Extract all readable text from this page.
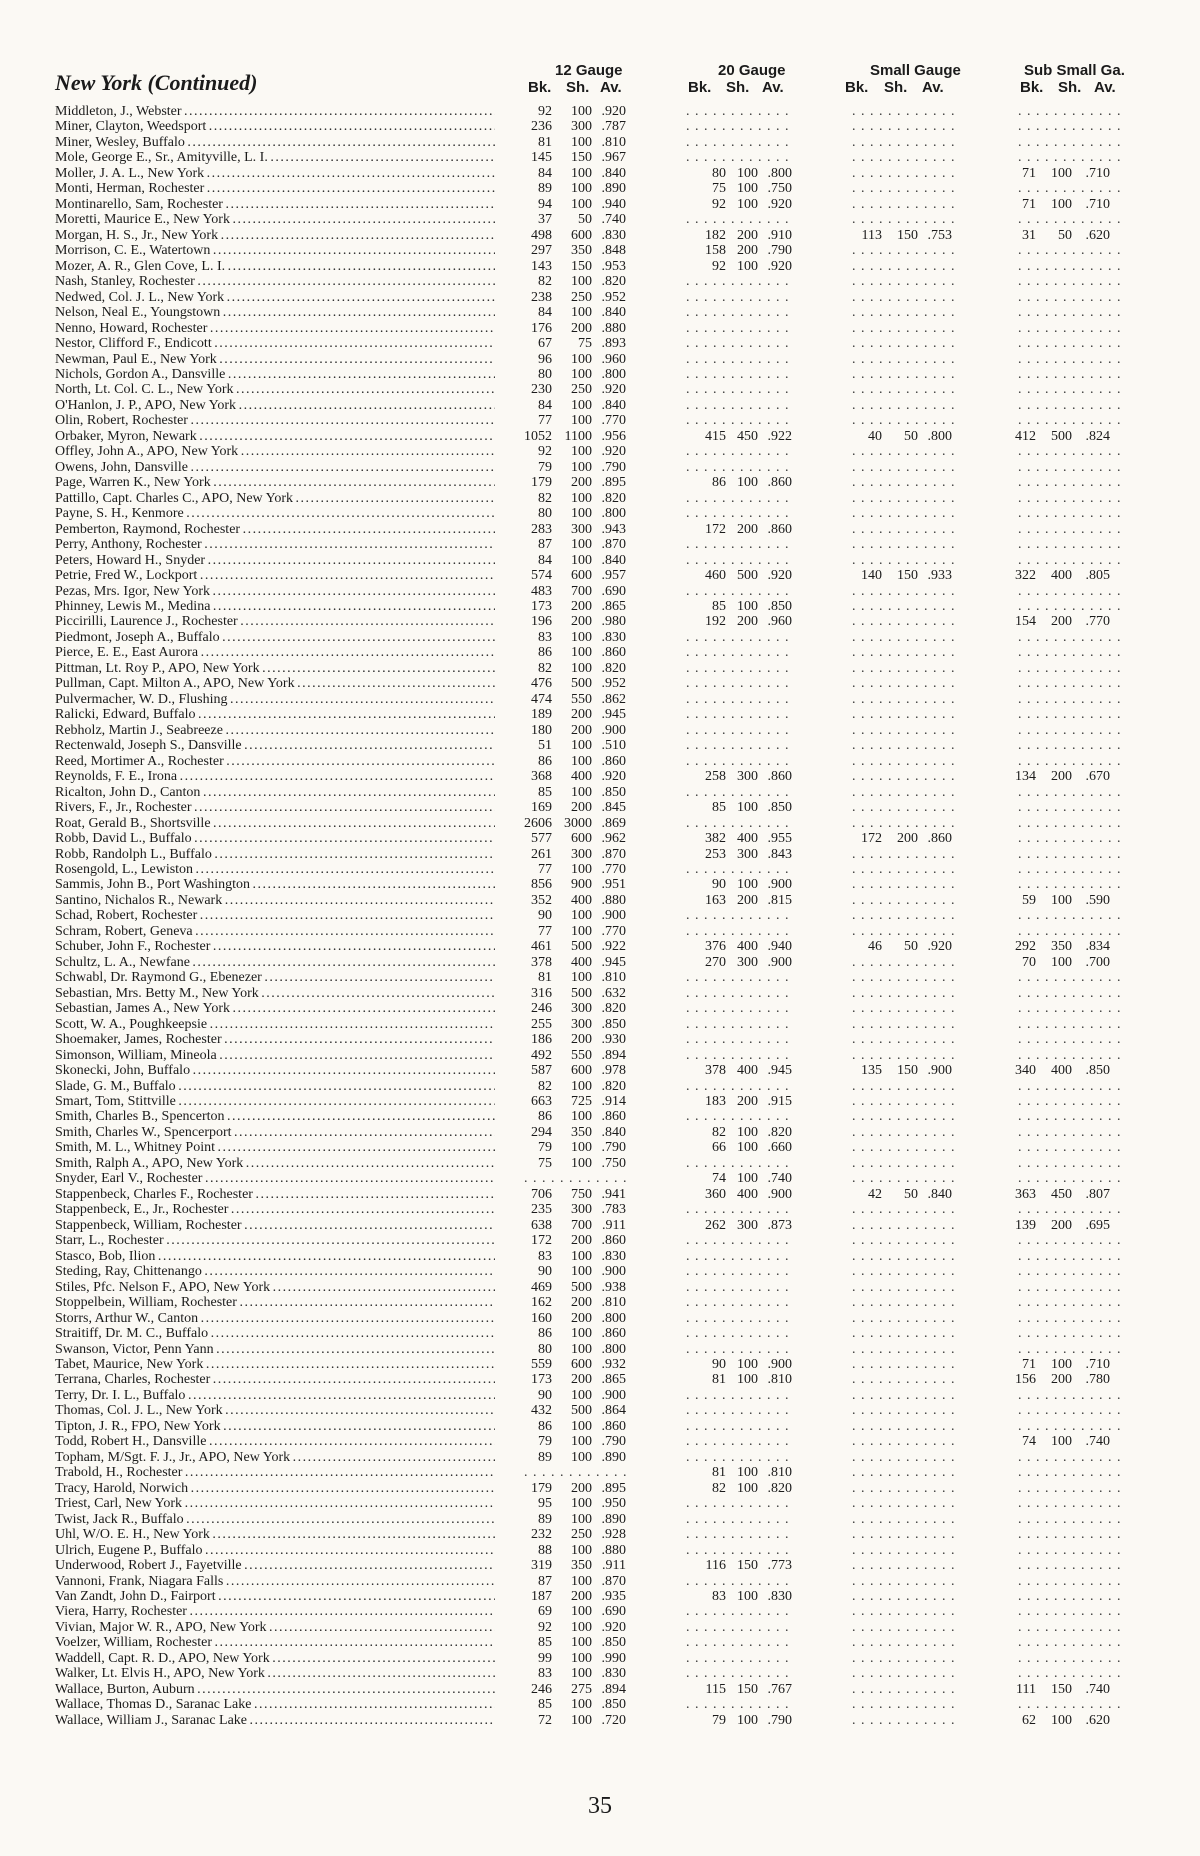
New York (Continued)	12 Gauge	20 Gauge	Small Gauge	Sub Small Ga.
Bk. Sh. Av.	Bk. Sh. Av.	Bk. Sh. Av.	Bk. Sh. Av.
Middleton, J., Webster . . .	92 100 .920	. . . . . . . . . . . .	. . . . . . . . . . . .	. . . . . . . . . . . .
Miner, Clayton, Weedsport . . .	236 300 .787	. . . . . . . . . . . .	. . . . . . . . . . . .	. . . . . . . . . . . .
Miner, Wesley, Buffalo . . .	81 100 .810	. . . . . . . . . . . .	. . . . . . . . . . . .	. . . . . . . . . . . .
Mole, George E., Sr., Amityville, L. I. . . .	145 150 .967	. . . . . . . . . . . .	. . . . . . . . . . . .	. . . . . . . . . . . .
Moller, J. A. L., New York . . .	84 100 .840	80 100 .800	. . . . . . . . . . . .	71 100 .710
Monti, Herman, Rochester . . .	89 100 .890	75 100 .750	. . . . . . . . . . . .	. . . . . . . . . . . .
Montinarello, Sam, Rochester . . .	94 100 .940	92 100 .920	. . . . . . . . . . . .	71 100 .710
Moretti, Maurice E., New York . . .	37 50 .740	. . . . . . . . . . . .	. . . . . . . . . . . .	. . . . . . . . . . . .
Morgan, H. S., Jr., New York . . .	498 600 .830	182 200 .910	113 150 .753	31 50 .620
Morrison, C. E., Watertown . . .	297 350 .848	158 200 .790	. . . . . . . . . . . .	. . . . . . . . . . . .
Mozer, A. R., Glen Cove, L. I. . . .	143 150 .953	92 100 .920	. . . . . . . . . . . .	. . . . . . . . . . . .
Nash, Stanley, Rochester . . .	82 100 .820	. . . . . . . . . . . .	. . . . . . . . . . . .	. . . . . . . . . . . .
Nedwed, Col. J. L., New York . . .	238 250 .952	. . . . . . . . . . . .	. . . . . . . . . . . .	. . . . . . . . . . . .
Nelson, Neal E., Youngstown . . .	84 100 .840	. . . . . . . . . . . .	. . . . . . . . . . . .	. . . . . . . . . . . .
Nenno, Howard, Rochester . . .	176 200 .880	. . . . . . . . . . . .	. . . . . . . . . . . .	. . . . . . . . . . . .
Nestor, Clifford F., Endicott . . .	67 75 .893	. . . . . . . . . . . .	. . . . . . . . . . . .	. . . . . . . . . . . .
Newman, Paul E., New York . . .	96 100 .960	. . . . . . . . . . . .	. . . . . . . . . . . .	. . . . . . . . . . . .
Nichols, Gordon A., Dansville . . .	80 100 .800	. . . . . . . . . . . .	. . . . . . . . . . . .	. . . . . . . . . . . .
North, Lt. Col. C. L., New York . . .	230 250 .920	. . . . . . . . . . . .	. . . . . . . . . . . .	. . . . . . . . . . . .
O'Hanlon, J. P., APO, New York . . .	84 100 .840	. . . . . . . . . . . .	. . . . . . . . . . . .	. . . . . . . . . . . .
Olin, Robert, Rochester . . .	77 100 .770	. . . . . . . . . . . .	. . . . . . . . . . . .	. . . . . . . . . . . .
Orbaker, Myron, Newark . . .	1052 1100 .956	415 450 .922	40 50 .800	412 500 .824
Offley, John A., APO, New York . . .	92 100 .920	. . . . . . . . . . . .	. . . . . . . . . . . .	. . . . . . . . . . . .
Owens, John, Dansville . . .	79 100 .790	. . . . . . . . . . . .	. . . . . . . . . . . .	. . . . . . . . . . . .
Page, Warren K., New York . . .	179 200 .895	86 100 .860	. . . . . . . . . . . .	. . . . . . . . . . . .
Pattillo, Capt. Charles C., APO, New York . . .	82 100 .820	. . . . . . . . . . . .	. . . . . . . . . . . .	. . . . . . . . . . . .
Payne, S. H., Kenmore . . .	80 100 .800	. . . . . . . . . . . .	. . . . . . . . . . . .	. . . . . . . . . . . .
Pemberton, Raymond, Rochester . . .	283 300 .943	172 200 .860	. . . . . . . . . . . .	. . . . . . . . . . . .
Perry, Anthony, Rochester . . .	87 100 .870	. . . . . . . . . . . .	. . . . . . . . . . . .	. . . . . . . . . . . .
Peters, Howard H., Snyder . . .	84 100 .840	. . . . . . . . . . . .	. . . . . . . . . . . .	. . . . . . . . . . . .
Petrie, Fred W., Lockport . . .	574 600 .957	460 500 .920	140 150 .933	322 400 .805
Pezas, Mrs. Igor, New York . . .	483 700 .690	. . . . . . . . . . . .	. . . . . . . . . . . .	. . . . . . . . . . . .
Phinney, Lewis M., Medina . . .	173 200 .865	85 100 .850	. . . . . . . . . . . .	. . . . . . . . . . . .
Piccirilli, Laurence J., Rochester . . .	196 200 .980	192 200 .960	. . . . . . . . . . . .	154 200 .770
Piedmont, Joseph A., Buffalo . . .	83 100 .830	. . . . . . . . . . . .	. . . . . . . . . . . .	. . . . . . . . . . . .
Pierce, E. E., East Aurora . . .	86 100 .860	. . . . . . . . . . . .	. . . . . . . . . . . .	. . . . . . . . . . . .
Pittman, Lt. Roy P., APO, New York . . .	82 100 .820	. . . . . . . . . . . .	. . . . . . . . . . . .	. . . . . . . . . . . .
Pullman, Capt. Milton A., APO, New York . . .	476 500 .952	. . . . . . . . . . . .	. . . . . . . . . . . .	. . . . . . . . . . . .
Pulvermacher, W. D., Flushing . . .	474 550 .862	. . . . . . . . . . . .	. . . . . . . . . . . .	. . . . . . . . . . . .
Ralicki, Edward, Buffalo . . .	189 200 .945	. . . . . . . . . . . .	. . . . . . . . . . . .	. . . . . . . . . . . .
Rebholz, Martin J., Seabreeze . . .	180 200 .900	. . . . . . . . . . . .	. . . . . . . . . . . .	. . . . . . . . . . . .
Rectenwald, Joseph S., Dansville . . .	51 100 .510	. . . . . . . . . . . .	. . . . . . . . . . . .	. . . . . . . . . . . .
Reed, Mortimer A., Rochester . . .	86 100 .860	. . . . . . . . . . . .	. . . . . . . . . . . .	. . . . . . . . . . . .
Reynolds, F. E., Irona . . .	368 400 .920	258 300 .860	. . . . . . . . . . . .	134 200 .670
Ricalton, John D., Canton . . .	85 100 .850	. . . . . . . . . . . .	. . . . . . . . . . . .	. . . . . . . . . . . .
Rivers, F., Jr., Rochester . . .	169 200 .845	85 100 .850	. . . . . . . . . . . .	. . . . . . . . . . . .
Roat, Gerald B., Shortsville . . .	2606 3000 .869	. . . . . . . . . . . .	. . . . . . . . . . . .	. . . . . . . . . . . .
Robb, David L., Buffalo . . .	577 600 .962	382 400 .955	172 200 .860	. . . . . . . . . . . .
Robb, Randolph L., Buffalo . . .	261 300 .870	253 300 .843	. . . . . . . . . . . .	. . . . . . . . . . . .
Rosengold, L., Lewiston . . .	77 100 .770	. . . . . . . . . . . .	. . . . . . . . . . . .	. . . . . . . . . . . .
Sammis, John B., Port Washington . . .	856 900 .951	90 100 .900	. . . . . . . . . . . .	. . . . . . . . . . . .
Santino, Nichalos R., Newark . . .	352 400 .880	163 200 .815	. . . . . . . . . . . .	59 100 .590
Schad, Robert, Rochester . . .	90 100 .900	. . . . . . . . . . . .	. . . . . . . . . . . .	. . . . . . . . . . . .
Schram, Robert, Geneva . . .	77 100 .770	. . . . . . . . . . . .	. . . . . . . . . . . .	. . . . . . . . . . . .
Schuber, John F., Rochester . . .	461 500 .922	376 400 .940	46 50 .920	292 350 .834
Schultz, L. A., Newfane . . .	378 400 .945	270 300 .900	. . . . . . . . . . . .	70 100 .700
Schwabl, Dr. Raymond G., Ebenezer . . .	81 100 .810	. . . . . . . . . . . .	. . . . . . . . . . . .	. . . . . . . . . . . .
Sebastian, Mrs. Betty M., New York . . .	316 500 .632	. . . . . . . . . . . .	. . . . . . . . . . . .	. . . . . . . . . . . .
Sebastian, James A., New York . . .	246 300 .820	. . . . . . . . . . . .	. . . . . . . . . . . .	. . . . . . . . . . . .
Scott, W. A., Poughkeepsie . . .	255 300 .850	. . . . . . . . . . . .	. . . . . . . . . . . .	. . . . . . . . . . . .
Shoemaker, James, Rochester . . .	186 200 .930	. . . . . . . . . . . .	. . . . . . . . . . . .	. . . . . . . . . . . .
Simonson, William, Mineola . . .	492 550 .894	. . . . . . . . . . . .	. . . . . . . . . . . .	. . . . . . . . . . . .
Skonecki, John, Buffalo . . .	587 600 .978	378 400 .945	135 150 .900	340 400 .850
Slade, G. M., Buffalo . . .	82 100 .820	. . . . . . . . . . . .	. . . . . . . . . . . .	. . . . . . . . . . . .
Smart, Tom, Stittville . . .	663 725 .914	183 200 .915	. . . . . . . . . . . .	. . . . . . . . . . . .
Smith, Charles B., Spencerton . . .	86 100 .860	. . . . . . . . . . . .	. . . . . . . . . . . .	. . . . . . . . . . . .
Smith, Charles W., Spencerport . . .	294 350 .840	82 100 .820	. . . . . . . . . . . .	. . . . . . . . . . . .
Smith, M. L., Whitney Point . . .	79 100 .790	66 100 .660	. . . . . . . . . . . .	. . . . . . . . . . . .
Smith, Ralph A., APO, New York . . .	75 100 .750	. . . . . . . . . . . .	. . . . . . . . . . . .	. . . . . . . . . . . .
Snyder, Earl V., Rochester . . .	. . . . . . . . . . . .	74 100 .740	. . . . . . . . . . . .	. . . . . . . . . . . .
Stappenbeck, Charles F., Rochester . . .	706 750 .941	360 400 .900	42 50 .840	363 450 .807
Stappenbeck, E., Jr., Rochester . . .	235 300 .783	. . . . . . . . . . . .	. . . . . . . . . . . .	. . . . . . . . . . . .
Stappenbeck, William, Rochester . . .	638 700 .911	262 300 .873	. . . . . . . . . . . .	139 200 .695
Starr, L., Rochester . . .	172 200 .860	. . . . . . . . . . . .	. . . . . . . . . . . .	. . . . . . . . . . . .
Stasco, Bob, Ilion . . .	83 100 .830	. . . . . . . . . . . .	. . . . . . . . . . . .	. . . . . . . . . . . .
Steding, Ray, Chittenango . . .	90 100 .900	. . . . . . . . . . . .	. . . . . . . . . . . .	. . . . . . . . . . . .
Stiles, Pfc. Nelson F., APO, New York . . .	469 500 .938	. . . . . . . . . . . .	. . . . . . . . . . . .	. . . . . . . . . . . .
Stoppelbein, William, Rochester . . .	162 200 .810	. . . . . . . . . . . .	. . . . . . . . . . . .	. . . . . . . . . . . .
Storrs, Arthur W., Canton . . .	160 200 .800	. . . . . . . . . . . .	. . . . . . . . . . . .	. . . . . . . . . . . .
Straitiff, Dr. M. C., Buffalo . . .	86 100 .860	. . . . . . . . . . . .	. . . . . . . . . . . .	. . . . . . . . . . . .
Swanson, Victor, Penn Yann . . .	80 100 .800	. . . . . . . . . . . .	. . . . . . . . . . . .	. . . . . . . . . . . .
Tabet, Maurice, New York . . .	559 600 .932	90 100 .900	. . . . . . . . . . . .	71 100 .710
Terrana, Charles, Rochester . . .	173 200 .865	81 100 .810	. . . . . . . . . . . .	156 200 .780
Terry, Dr. I. L., Buffalo . . .	90 100 .900	. . . . . . . . . . . .	. . . . . . . . . . . .	. . . . . . . . . . . .
Thomas, Col. J. L., New York . . .	432 500 .864	. . . . . . . . . . . .	. . . . . . . . . . . .	. . . . . . . . . . . .
Tipton, J. R., FPO, New York . . .	86 100 .860	. . . . . . . . . . . .	. . . . . . . . . . . .	. . . . . . . . . . . .
Todd, Robert H., Dansville . . .	79 100 .790	. . . . . . . . . . . .	. . . . . . . . . . . .	74 100 .740
Topham, M/Sgt. F. J., Jr., APO, New York . . .	89 100 .890	. . . . . . . . . . . .	. . . . . . . . . . . .	. . . . . . . . . . . .
Trabold, H., Rochester . . .	. . . . . . . . . . . .	81 100 .810	. . . . . . . . . . . .	. . . . . . . . . . . .
Tracy, Harold, Norwich . . .	179 200 .895	82 100 .820	. . . . . . . . . . . .	. . . . . . . . . . . .
Triest, Carl, New York . . .	95 100 .950	. . . . . . . . . . . .	. . . . . . . . . . . .	. . . . . . . . . . . .
Twist, Jack R., Buffalo . . .	89 100 .890	. . . . . . . . . . . .	. . . . . . . . . . . .	. . . . . . . . . . . .
Uhl, W/O. E. H., New York . . .	232 250 .928	. . . . . . . . . . . .	. . . . . . . . . . . .	. . . . . . . . . . . .
Ulrich, Eugene P., Buffalo . . .	88 100 .880	. . . . . . . . . . . .	. . . . . . . . . . . .	. . . . . . . . . . . .
Underwood, Robert J., Fayetville . . .	319 350 .911	116 150 .773	. . . . . . . . . . . .	. . . . . . . . . . . .
Vannoni, Frank, Niagara Falls . . .	87 100 .870	. . . . . . . . . . . .	. . . . . . . . . . . .	. . . . . . . . . . . .
Van Zandt, John D., Fairport . . .	187 200 .935	83 100 .830	. . . . . . . . . . . .	. . . . . . . . . . . .
Viera, Harry, Rochester . . .	69 100 .690	. . . . . . . . . . . .	. . . . . . . . . . . .	. . . . . . . . . . . .
Vivian, Major W. R., APO, New York . . .	92 100 .920	. . . . . . . . . . . .	. . . . . . . . . . . .	. . . . . . . . . . . .
Voelzer, William, Rochester . . .	85 100 .850	. . . . . . . . . . . .	. . . . . . . . . . . .	. . . . . . . . . . . .
Waddell, Capt. R. D., APO, New York . . .	99 100 .990	. . . . . . . . . . . .	. . . . . . . . . . . .	. . . . . . . . . . . .
Walker, Lt. Elvis H., APO, New York . . .	83 100 .830	. . . . . . . . . . . .	. . . . . . . . . . . .	. . . . . . . . . . . .
Wallace, Burton, Auburn . . .	246 275 .894	115 150 .767	. . . . . . . . . . . .	111 150 .740
Wallace, Thomas D., Saranac Lake . . .	85 100 .850	. . . . . . . . . . . .	. . . . . . . . . . . .	. . . . . . . . . . . .
Wallace, William J., Saranac Lake . . .	72 100 .720	79 100 .790	. . . . . . . . . . . .	62 100 .620
35
